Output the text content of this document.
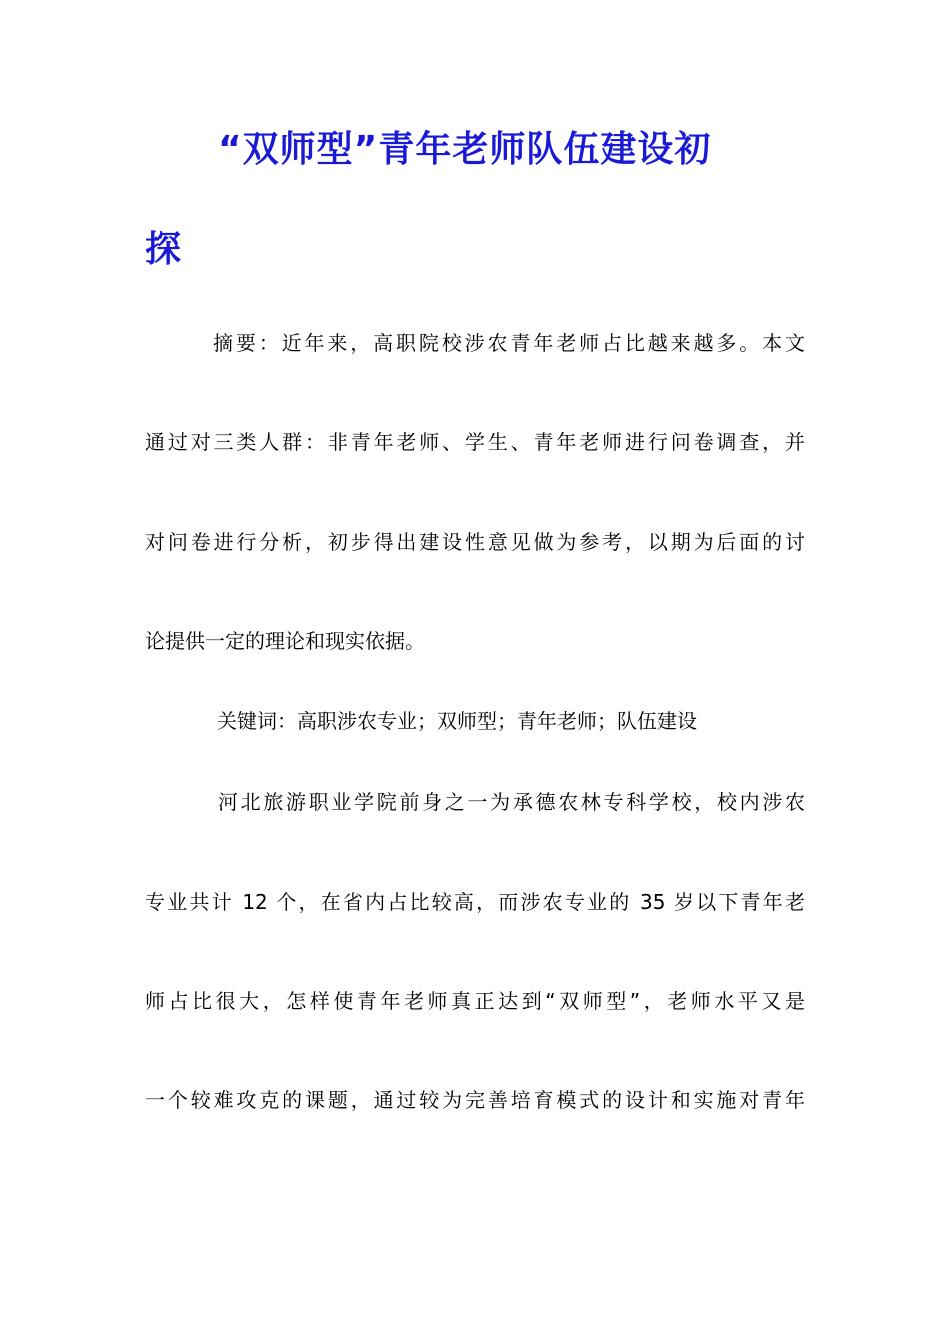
“双师型”青年老师队伍建设初
探
摘要：近年来，高职院校涉农青年老师占比越来越多。本文
通过对三类人群：非青年老师、学生、青年老师进行问卷调查，并
对问卷进行分析，初步得出建设性意见做为参考，以期为后面的讨
论提供一定的理论和现实依据。
关键词：高职涉农专业；双师型；青年老师；队伍建设
河北旅游职业学院前身之一为承德农林专科学校，校内涉农
专业共计 12 个，在省内占比较高，而涉农专业的 35 岁以下青年老
师占比很大，怎样使青年老师真正达到“双师型”，老师水平又是
一个较难攻克的课题，通过较为完善培育模式的设计和实施对青年
